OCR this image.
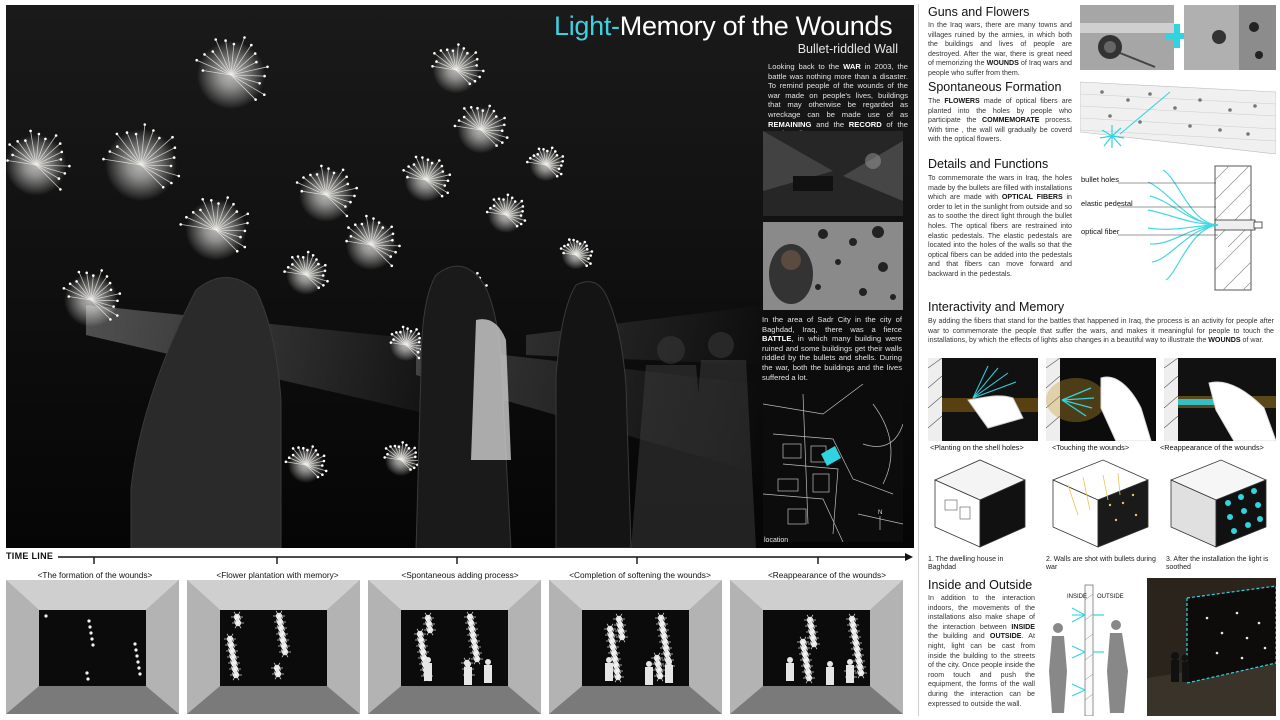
Light-Memory of the Wounds
Bullet-riddled Wall
Looking back to the WAR in 2003, the battle was nothing more than a disaster. To remind people of the wounds of the war made on people's lives, buildings that may otherwise be regarded as wreckage can be made use of as REMAINING and the RECORD of the
In the area of Sadr City in the city of Baghdad, Iraq, there was a fierce BATTLE, in which many building were ruined and some buildings get their walls riddled by the bullets and shells. During the war, both the buildings and the lives suffered a lot.
N
location
TIME LINE
<The formation of the wounds>	<Flower plantation with memory>	<Spontaneous adding process>	<Completion of softening the wounds>	<Reappearance of the wounds>
Guns and Flowers
In the Iraq wars, there are many towns and villages ruined by the armies, in which both the buildings and lives of people are destroyed. After the war, there is great need of memorizing the WOUNDS of Iraq wars and people who suffer from them.
Spontaneous Formation
The FLOWERS made of optical fibers are planted into the holes by people who participate the COMMEMORATE process. With time , the wall will gradually be coverd with the optical flowers.
Details and Functions
To commemorate the wars in Iraq, the holes made by the bullets are filled with installations which are made with OPTICAL FIBERS in order to let in the sunlight from outside and so as to soothe the direct light through the bullet holes. The optical fibers are restrained into elastic pedestals. The elastic pedestals are located into the holes of the walls so that the optical fibers can be added into the pedestals and that fibers can move forward and backward in the pedestals.
bullet holes
elastic pedestal
optical fiber
Interactivity and Memory
By adding the fibers that stand for the battles that happened in Iraq, the process is an activity for people after war to commemorate the people that suffer the wars, and makes it meaningful for people to touch the installations, by which the effects of lights also changes in a beautiful way to illustrate the WOUNDS of war.
<Planting on the shell holes>	<Touching the wounds>	<Reappearance of the wounds>
1. The dwelling house in Baghdad
2. Walls are shot with bullets during war
3. After the installation the light is soothed
Inside and Outside
In addition to the interaction indoors, the movements of the installations also make shape of the interaction between INSIDE the building and OUTSIDE. At night, light can be cast from inside the building to the streets of the city. Once people inside the room touch and push the equipment, the forms of the wall during the interaction can be expressed to outside the wall.
INSIDE OUTSIDE
